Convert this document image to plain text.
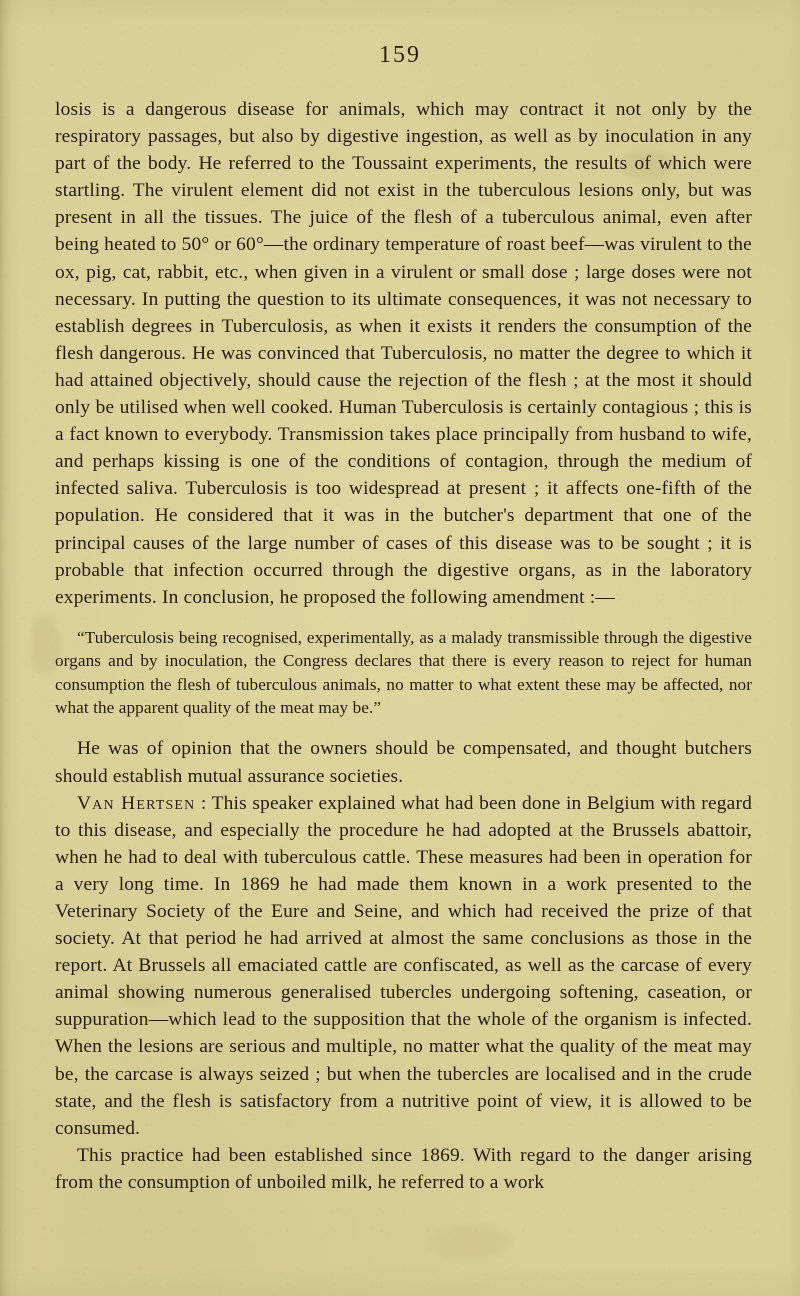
159

losis is a dangerous disease for animals, which may contract it not only by the respiratory passages, but also by digestive ingestion, as well as by inoculation in any part of the body. He referred to the Toussaint experiments, the results of which were startling. The virulent element did not exist in the tuberculous lesions only, but was present in all the tissues. The juice of the flesh of a tuberculous animal, even after being heated to 50° or 60°—the ordinary temperature of roast beef—was virulent to the ox, pig, cat, rabbit, etc., when given in a virulent or small dose ; large doses were not necessary. In putting the question to its ultimate consequences, it was not necessary to establish degrees in Tuberculosis, as when it exists it renders the consumption of the flesh dangerous. He was convinced that Tuberculosis, no matter the degree to which it had attained objectively, should cause the rejection of the flesh ; at the most it should only be utilised when well cooked. Human Tuberculosis is certainly contagious ; this is a fact known to everybody. Transmission takes place principally from husband to wife, and perhaps kissing is one of the conditions of contagion, through the medium of infected saliva. Tuberculosis is too widespread at present ; it affects one-fifth of the population. He considered that it was in the butcher's department that one of the principal causes of the large number of cases of this disease was to be sought ; it is probable that infection occurred through the digestive organs, as in the laboratory experiments. In conclusion, he proposed the following amendment :—

“Tuberculosis being recognised, experimentally, as a malady transmissible through the digestive organs and by inoculation, the Congress declares that there is every reason to reject for human consumption the flesh of tuberculous animals, no matter to what extent these may be affected, nor what the apparent quality of the meat may be.”

He was of opinion that the owners should be compensated, and thought butchers should establish mutual assurance societies.

Van Hertsen : This speaker explained what had been done in Belgium with regard to this disease, and especially the procedure he had adopted at the Brussels abattoir, when he had to deal with tuberculous cattle. These measures had been in operation for a very long time. In 1869 he had made them known in a work presented to the Veterinary Society of the Eure and Seine, and which had received the prize of that society. At that period he had arrived at almost the same conclusions as those in the report. At Brussels all emaciated cattle are confiscated, as well as the carcase of every animal showing numerous generalised tubercles undergoing softening, caseation, or suppuration—which lead to the supposition that the whole of the organism is infected. When the lesions are serious and multiple, no matter what the quality of the meat may be, the carcase is always seized ; but when the tubercles are localised and in the crude state, and the flesh is satisfactory from a nutritive point of view, it is allowed to be consumed.

This practice had been established since 1869. With regard to the danger arising from the consumption of unboiled milk, he referred to a work
